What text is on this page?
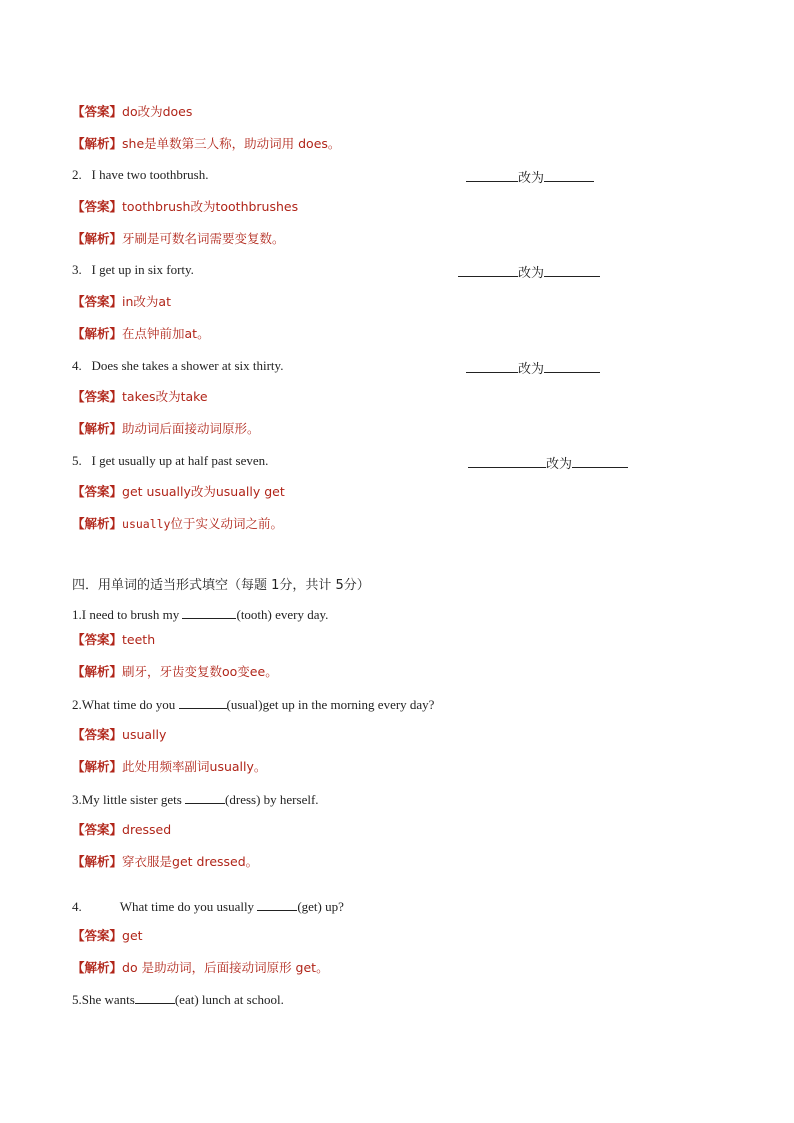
【答案】do改为does
【解析】she是单数第三人称，助动词用 does。
2. I have two toothbrush.	改为
【答案】toothbrush改为toothbrushes
【解析】牙刷是可数名词需要变复数。
3. I get up in six forty.	改为
【答案】in改为at
【解析】在点钟前加at。
4. Does she takes a shower at six thirty.	改为
【答案】takes改为take
【解析】助动词后面接动词原形。
5. I get usually up at half past seven.	改为
【答案】get usually改为usually get
【解析】usually位于实义动词之前。
四．用单词的适当形式填空（每题 1分，共计 5分）
1.I need to brush my	(tooth) every day.
【答案】teeth
【解析】刷牙，牙齿变复数oo变ee。
2.What time do you	(usual)get up in the morning every day?
【答案】usually
【解析】此处用频率副词usually。
3.My little sister gets	(dress) by herself.
【答案】dressed
【解析】穿衣服是get dressed。
4.	What time do you usually	(get) up?
【答案】get
【解析】do 是助动词，后面接动词原形 get。
5.She wants	(eat) lunch at school.
